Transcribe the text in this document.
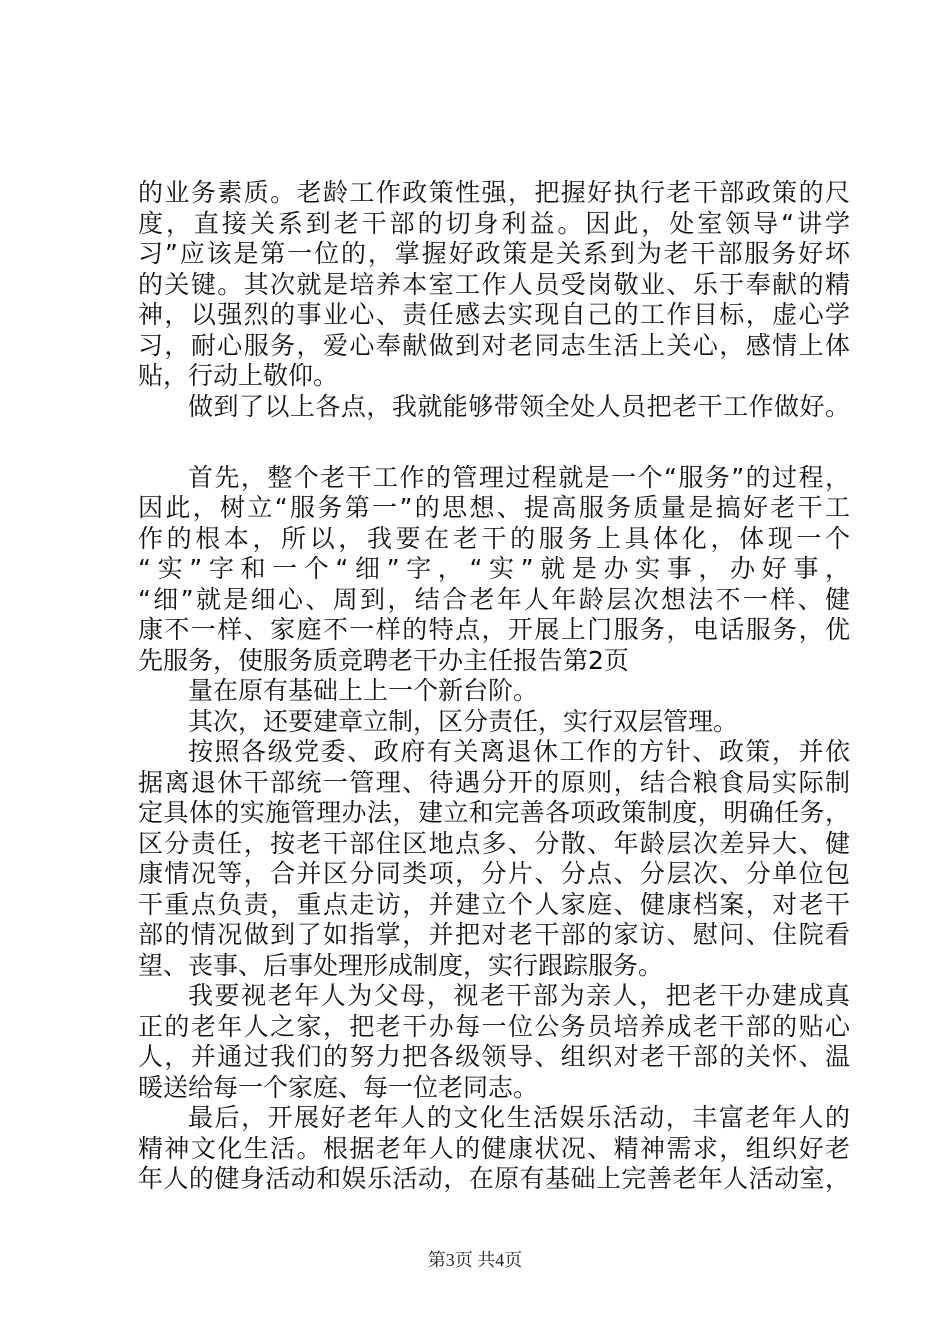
的业务素质。老龄工作政策性强，把握好执行老干部政策的尺
度，直接关系到老干部的切身利益。因此，处室领导“讲学
习”应该是第一位的，掌握好政策是关系到为老干部服务好坏
的关键。其次就是培养本室工作人员受岗敬业、乐于奉献的精
神，以强烈的事业心、责任感去实现自己的工作目标，虚心学
习，耐心服务，爱心奉献做到对老同志生活上关心，感情上体
贴，行动上敬仰。
做到了以上各点，我就能够带领全处人员把老干工作做好。
首先，整个老干工作的管理过程就是一个“服务”的过程，
因此，树立“服务第一”的思想、提高服务质量是搞好老干工
作的根本，所以，我要在老干的服务上具体化，体现一个
“实”字和一个“细”字，“实”就是办实事，办好事，
“细”就是细心、周到，结合老年人年龄层次想法不一样、健
康不一样、家庭不一样的特点，开展上门服务，电话服务，优
先服务，使服务质竞聘老干办主任报告第2页
量在原有基础上上一个新台阶。
其次，还要建章立制，区分责任，实行双层管理。
按照各级党委、政府有关离退休工作的方针、政策，并依
据离退休干部统一管理、待遇分开的原则，结合粮食局实际制
定具体的实施管理办法，建立和完善各项政策制度，明确任务，
区分责任，按老干部住区地点多、分散、年龄层次差异大、健
康情况等，合并区分同类项，分片、分点、分层次、分单位包
干重点负责，重点走访，并建立个人家庭、健康档案，对老干
部的情况做到了如指掌，并把对老干部的家访、慰问、住院看
望、丧事、后事处理形成制度，实行跟踪服务。
我要视老年人为父母，视老干部为亲人，把老干办建成真
正的老年人之家，把老干办每一位公务员培养成老干部的贴心
人，并通过我们的努力把各级领导、组织对老干部的关怀、温
暖送给每一个家庭、每一位老同志。
最后，开展好老年人的文化生活娱乐活动，丰富老年人的
精神文化生活。根据老年人的健康状况、精神需求，组织好老
年人的健身活动和娱乐活动，在原有基础上完善老年人活动室，
第3页 共4页
